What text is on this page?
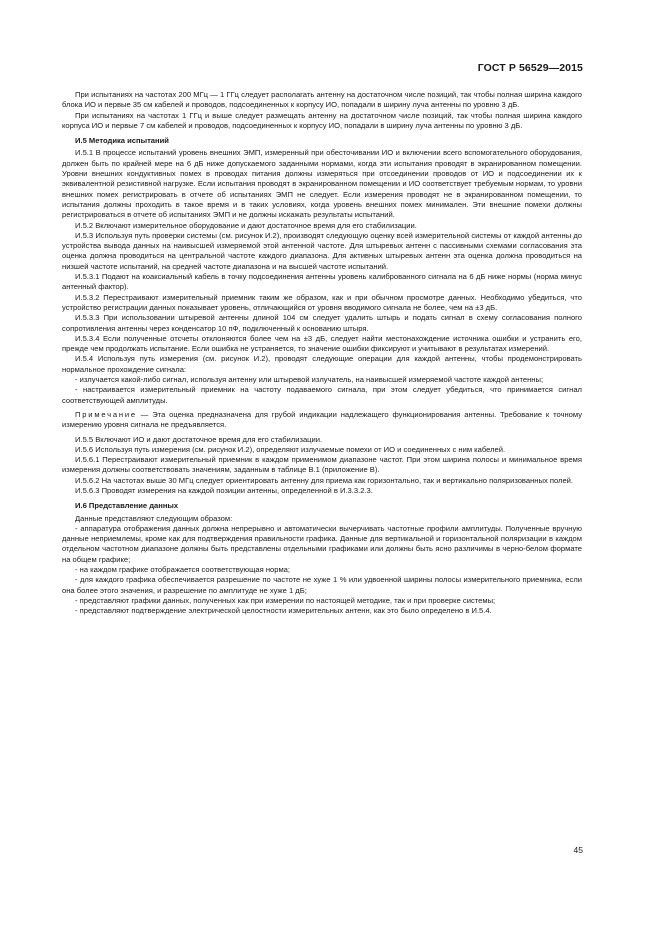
ГОСТ Р 56529—2015

При испытаниях на частотах 200 МГц — 1 ГГц следует располагать антенну на достаточном числе позиций, так чтобы полная ширина каждого блока ИО и первые 35 см кабелей и проводов, подсоединенных к корпусу ИО, попадали в ширину луча антенны по уровню 3 дБ.

При испытаниях на частотах 1 ГГц и выше следует размещать антенну на достаточном числе позиций, так чтобы полная ширина каждого корпуса ИО и первые 7 см кабелей и проводов, подсоединенных к корпусу ИО, попадали в ширину луча антенны по уровню 3 дБ.

И.5 Методика испытаний

И.5.1 В процессе испытаний уровень внешних ЭМП, измеренный при обесточивании ИО и включении всего вспомогательного оборудования, должен быть по крайней мере на 6 дБ ниже допускаемого заданными нормами, когда эти испытания проводят в экранированном помещении. Уровни внешних кондуктивных помех в проводах питания должны измеряться при отсоединении проводов от ИО и подсоединении их к эквивалентной резистивной нагрузке. Если испытания проводят в экранированном помещении и ИО соответствует требуемым нормам, то уровни внешних помех регистрировать в отчете об испытаниях ЭМП не следует. Если измерения проводят не в экранированном помещении, то испытания должны проходить в такое время и в таких условиях, когда уровень внешних помех минимален. Эти внешние помехи должны регистрироваться в отчете об испытаниях ЭМП и не должны искажать результаты испытаний.

И.5.2 Включают измерительное оборудование и дают достаточное время для его стабилизации.

И.5.3 Используя путь проверки системы (см. рисунок И.2), производят следующую оценку всей измерительной системы от каждой антенны до устройства вывода данных на наивысшей измеряемой этой антенной частоте. Для штыревых антенн с пассивными схемами согласования эта оценка должна проводиться на центральной частоте каждого диапазона. Для активных штыревых антенн эта оценка должна проводиться на низшей частоте испытаний, на средней частоте диапазона и на высшей частоте испытаний.

И.5.3.1 Подают на коаксиальный кабель в точку подсоединения антенны уровень калиброванного сигнала на 6 дБ ниже нормы (норма минус антенный фактор).

И.5.3.2 Перестраивают измерительный приемник таким же образом, как и при обычном просмотре данных. Необходимо убедиться, что устройство регистрации данных показывает уровень, отличающийся от уровня вводимого сигнала не более, чем на ±3 дБ.

И.5.3.3 При использовании штыревой антенны длиной 104 см следует удалить штырь и подать сигнал в схему согласования полного сопротивления антенны через конденсатор 10 пФ, подключенный к основанию штыря.

И.5.3.4 Если полученные отсчеты отклоняются более чем на ±3 дБ, следует найти местонахождение источника ошибки и устранить его, прежде чем продолжать испытание. Если ошибка не устраняется, то значение ошибки фиксируют и учитывают в результатах измерений.

И.5.4 Используя путь измерения (см. рисунок И.2), проводят следующие операции для каждой антенны, чтобы продемонстрировать нормальное прохождение сигнала:

- излучается какой-либо сигнал, используя антенну или штыревой излучатель, на наивысшей измеряемой частоте каждой антенны;

- настраивается измерительный приемник на частоту подаваемого сигнала, при этом следует убедиться, что принимается сигнал соответствующей амплитуды.

Примечание — Эта оценка предназначена для грубой индикации надлежащего функционирования антенны. Требование к точному измерению уровня сигнала не предъявляется.

И.5.5 Включают ИО и дают достаточное время для его стабилизации.

И.5.6 Используя путь измерения (см. рисунок И.2), определяют излучаемые помехи от ИО и соединенных с ним кабелей.

И.5.6.1 Перестраивают измерительный приемник в каждом применимом диапазоне частот. При этом ширина полосы и минимальное время измерения должны соответствовать значениям, заданным в таблице В.1 (приложение В).

И.5.6.2 На частотах выше 30 МГц следует ориентировать антенну для приема как горизонтально, так и вертикально поляризованных полей.

И.5.6.3 Проводят измерения на каждой позиции антенны, определенной в И.3.3.2.3.

И.6 Представление данных

Данные представляют следующим образом:

- аппаратура отображения данных должна непрерывно и автоматически вычерчивать частотные профили амплитуды. Полученные вручную данные неприемлемы, кроме как для подтверждения правильности графика. Данные для вертикальной и горизонтальной поляризации в каждом отдельном частотном диапазоне должны быть представлены отдельными графиками или должны быть ясно различимы в черно-белом формате на общем графике;

- на каждом графике отображается соответствующая норма;

- для каждого графика обеспечивается разрешение по частоте не хуже 1 % или удвоенной ширины полосы измерительного приемника, если она более этого значения, и разрешение по амплитуде не хуже 1 дБ;

- представляют графики данных, полученных как при измерении по настоящей методике, так и при проверке системы;

- представляют подтверждение электрической целостности измерительных антенн, как это было определено в И.5.4.

45
